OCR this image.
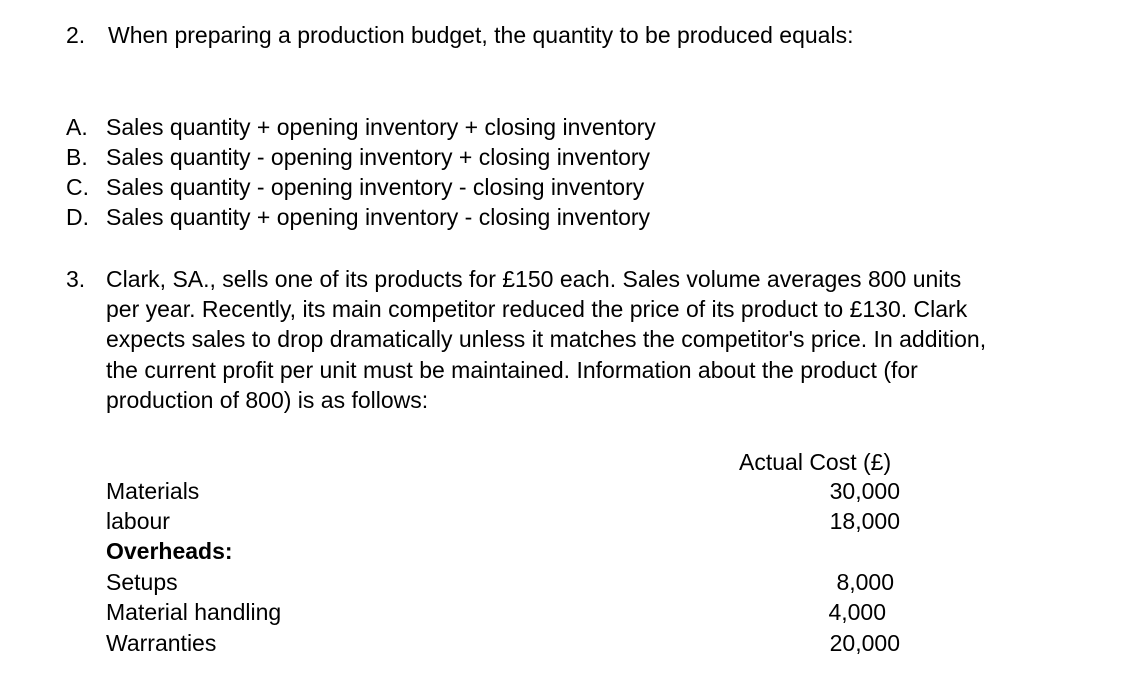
2. When preparing a production budget, the quantity to be produced equals:
A. Sales quantity + opening inventory + closing inventory
B. Sales quantity - opening inventory + closing inventory
C. Sales quantity - opening inventory - closing inventory
D. Sales quantity + opening inventory - closing inventory
3. Clark, SA., sells one of its products for £150 each. Sales volume averages 800 units
per year. Recently, its main competitor reduced the price of its product to £130. Clark
expects sales to drop dramatically unless it matches the competitor's price. In addition,
the current profit per unit must be maintained. Information about the product (for
production of 800) is as follows:
Actual Cost (£)
Materials	30,000
labour	18,000
Overheads:
Setups	8,000
Material handling	4,000
Warranties	20,000
